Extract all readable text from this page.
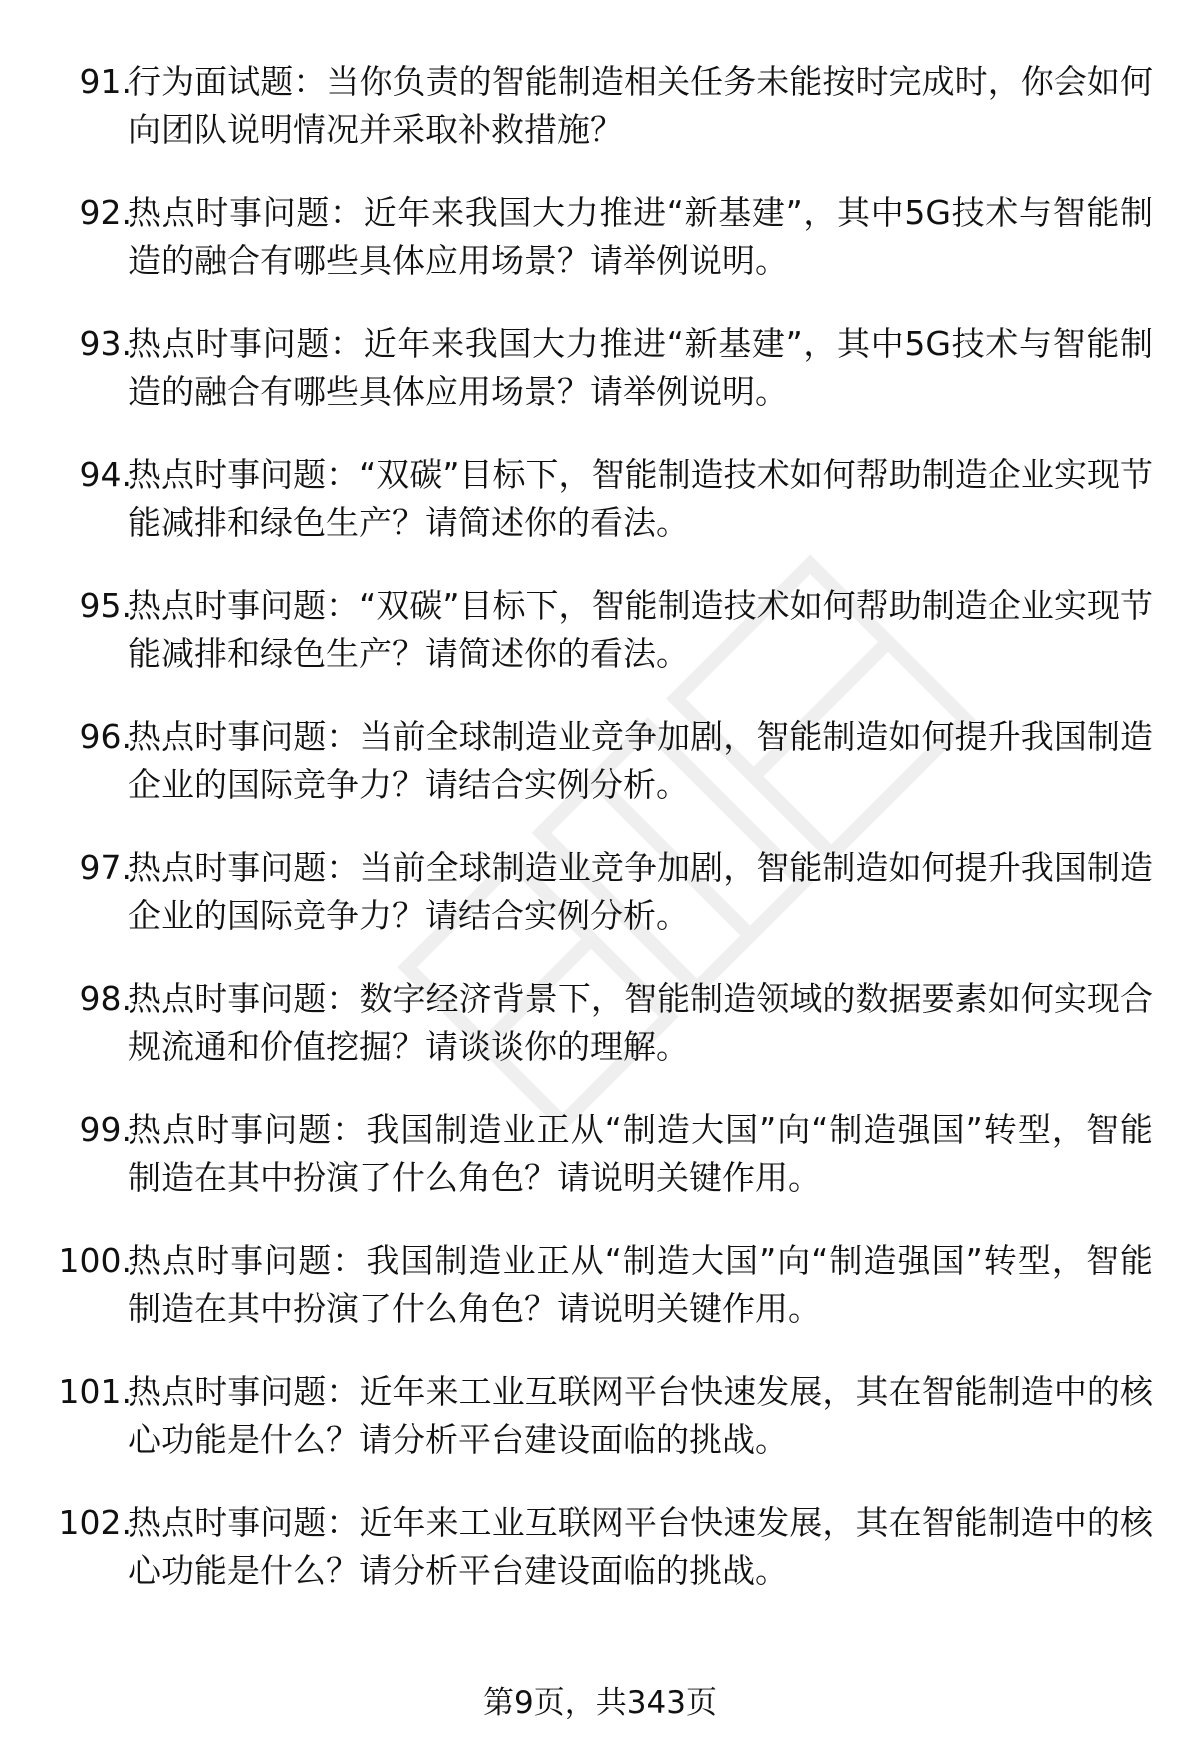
91.

行为面试题：当你负责的智能制造相关任务未能按时完成时，你会如何向团队说明情况并采取补救措施？

92.

热点时事问题：近年来我国大力推进“新基建”，其中5G技术与智能制造的融合有哪些具体应用场景？请举例说明。

93.

热点时事问题：近年来我国大力推进“新基建”，其中5G技术与智能制造的融合有哪些具体应用场景？请举例说明。

94.

热点时事问题：“双碳”目标下，智能制造技术如何帮助制造企业实现节能减排和绿色生产？请简述你的看法。

95.

热点时事问题：“双碳”目标下，智能制造技术如何帮助制造企业实现节能减排和绿色生产？请简述你的看法。

96.

热点时事问题：当前全球制造业竞争加剧，智能制造如何提升我国制造企业的国际竞争力？请结合实例分析。

97.

热点时事问题：当前全球制造业竞争加剧，智能制造如何提升我国制造企业的国际竞争力？请结合实例分析。

98.

热点时事问题：数字经济背景下，智能制造领域的数据要素如何实现合规流通和价值挖掘？请谈谈你的理解。

99.

热点时事问题：我国制造业正从“制造大国”向“制造强国”转型，智能制造在其中扮演了什么角色？请说明关键作用。

100.

热点时事问题：我国制造业正从“制造大国”向“制造强国”转型，智能制造在其中扮演了什么角色？请说明关键作用。

101.

热点时事问题：近年来工业互联网平台快速发展，其在智能制造中的核心功能是什么？请分析平台建设面临的挑战。

102.

热点时事问题：近年来工业互联网平台快速发展，其在智能制造中的核心功能是什么？请分析平台建设面临的挑战。

第9页，共343页
